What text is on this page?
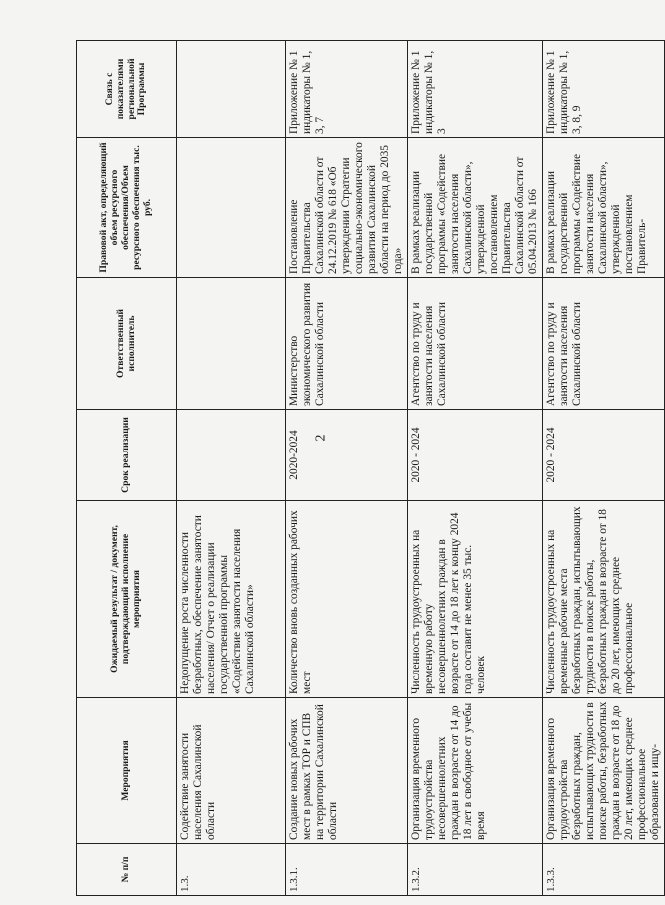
2
№ п/п	Мероприятия	Ожидаемый результат / документ, подтверждающий исполнение мероприятия	Срок реализации	Ответственный исполнитель	Правовой акт, определяющий объем ресурсного обеспечения/Объем ресурсного обеспечения тыс. руб.	Связь с показателями региональной Программы
1.3.	Содействие занятости населения Сахалинской области	Недопущение роста численности безработных, обеспечение занятости населения/ Отчет о реализации государственной программы «Содействие занятости населения Сахалинской области»				
1.3.1.	Создание новых рабочих мест в рамках ТОР и СПВ на территории Сахалинской области	Количество вновь созданных рабочих мест	2020-2024	Министерство экономического развития Сахалинской области	Постановление Правительства Сахалинской области от 24.12.2019 № 618 «Об утверждении Стратегии социально-экономического развития Сахалинской области на период до 2035 года»	Приложение № 1 индикаторы № 1, 3, 7
1.3.2.	Организация временного трудоустройства несовершеннолетних граждан в возрасте от 14 до 18 лет в свободное от учебы время	Численность трудоустроенных на временную работу несовершеннолетних граждан в возрасте от 14 до 18 лет к концу 2024 года составит не менее 35 тыс. человек	2020 - 2024	Агентство по труду и занятости населения Сахалинской области	В рамках реализации государственной программы «Содействие занятости населения Сахалинской области», утвержденной постановлением Правительства Сахалинской области от 05.04.2013 № 166	Приложение № 1 индикаторы № 1, 3
1.3.3.	Организация временного трудоустройства безработных граждан, испытывающих трудности в поиске работы, безработных граждан в возрасте от 18 до 20 лет, имеющих среднее профессиональное образование и ищу-	Численность трудоустроенных на временные рабочие места безработных граждан, испытывающих трудности в поиске работы, безработных граждан в возрасте от 18 до 20 лет, имеющих среднее профессиональное	2020 - 2024	Агентство по труду и занятости населения Сахалинской области	В рамках реализации государственной программы «Содействие занятости населения Сахалинской области», утвержденной постановлением Правитель-	Приложение № 1 индикаторы № 1, 3, 8, 9
